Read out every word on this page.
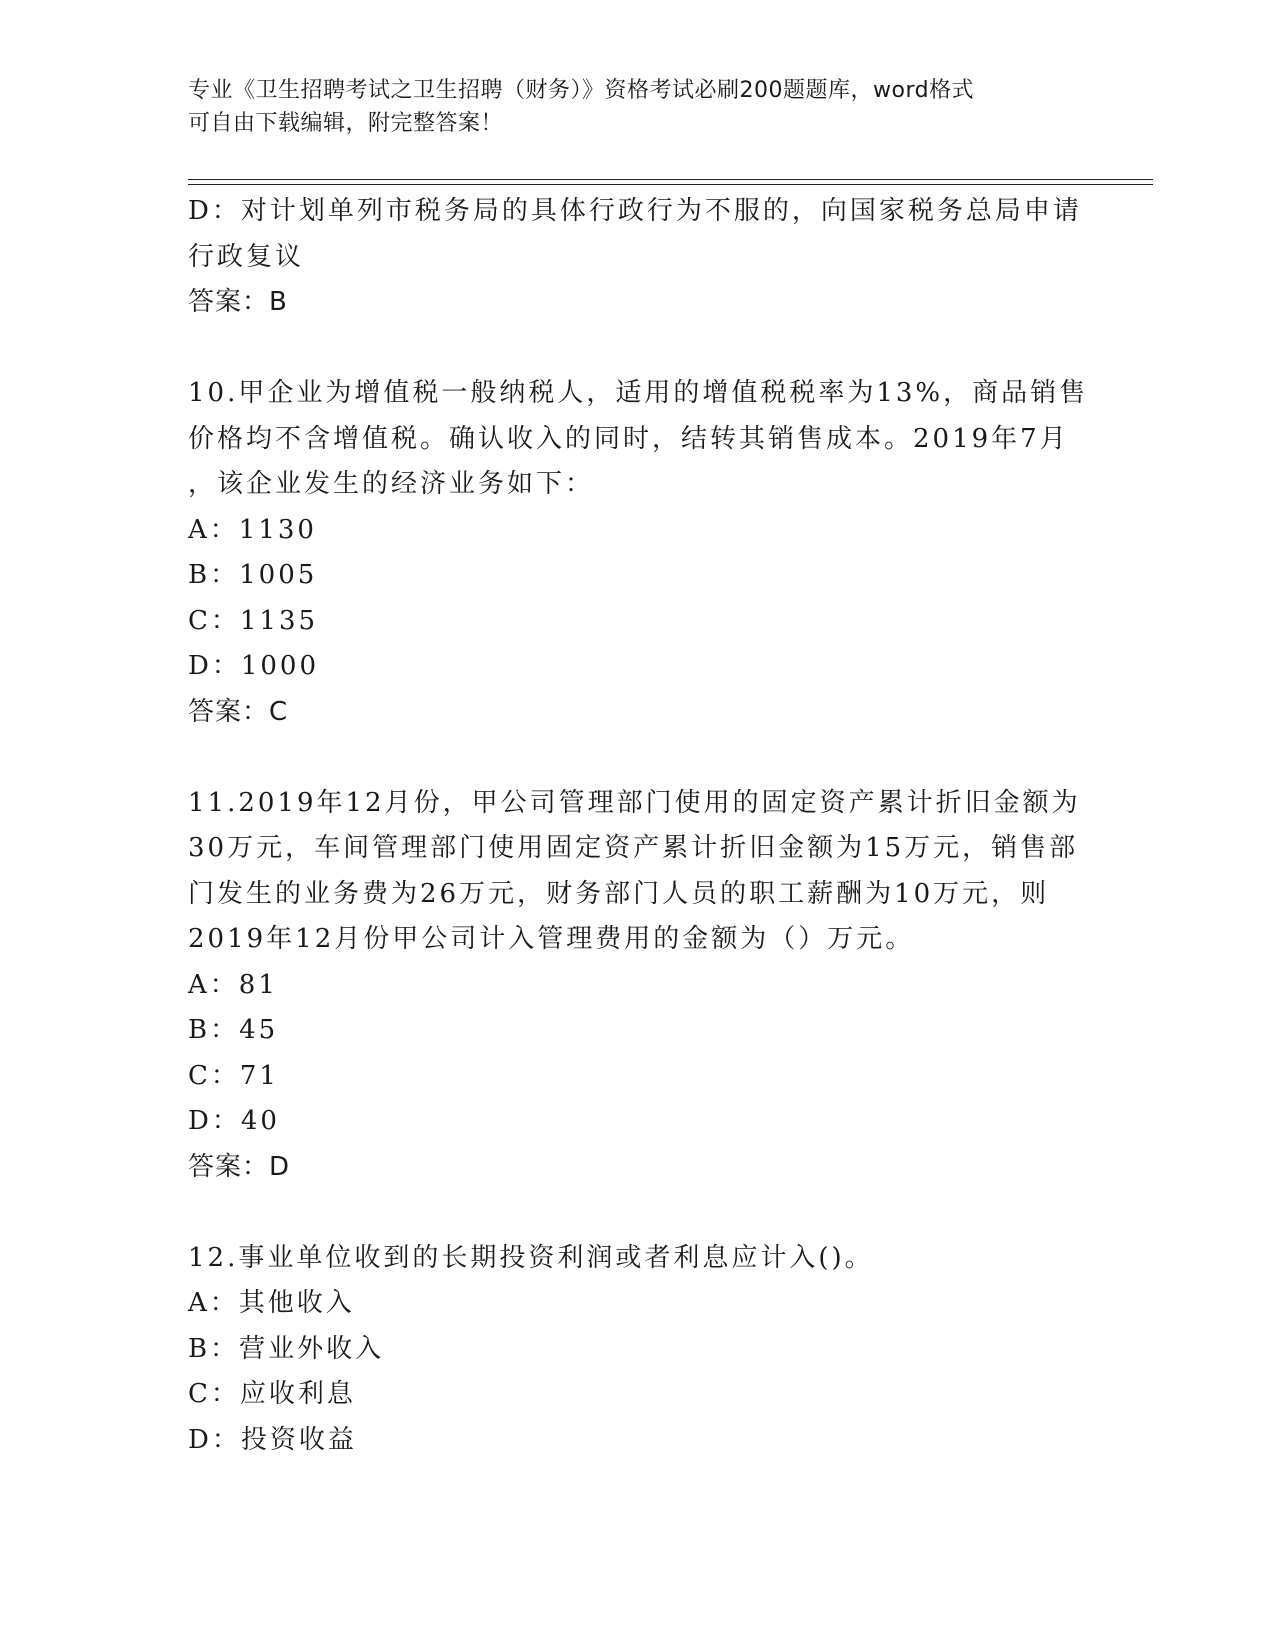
专业《卫生招聘考试之卫生招聘（财务）》资格考试必刷200题题库，word格式
可自由下载编辑，附完整答案！
D：对计划单列市税务局的具体行政行为不服的，向国家税务总局申请
行政复议
答案：B
10.甲企业为增值税一般纳税人，适用的增值税税率为13%，商品销售
价格均不含增值税。确认收入的同时，结转其销售成本。2019年7月
，该企业发生的经济业务如下：
A：1130
B：1005
C：1135
D：1000
答案：C
11.2019年12月份，甲公司管理部门使用的固定资产累计折旧金额为
30万元，车间管理部门使用固定资产累计折旧金额为15万元，销售部
门发生的业务费为26万元，财务部门人员的职工薪酬为10万元，则
2019年12月份甲公司计入管理费用的金额为（）万元。
A：81
B：45
C：71
D：40
答案：D
12.事业单位收到的长期投资利润或者利息应计入()。
A：其他收入
B：营业外收入
C：应收利息
D：投资收益
